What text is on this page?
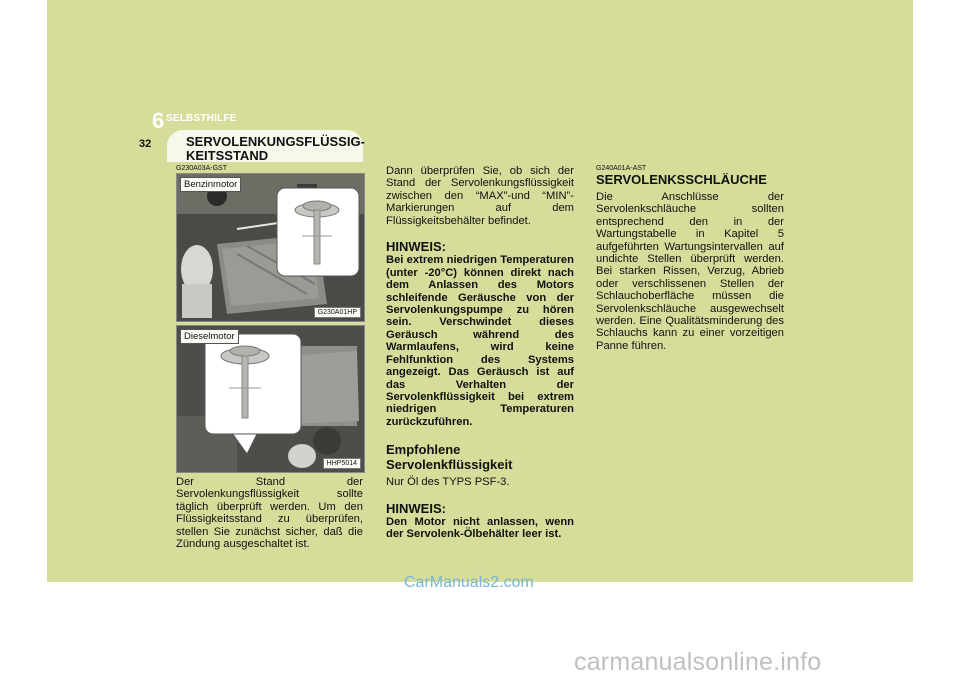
6 SELBSTHILFE
32	SERVOLENKUNGSFLÜSSIG-KEITSSTAND
G230A03A-GST
Benzinmotor
G230A01HP
Dieselmotor
HHP5014

Der Stand der Servolenkungsflüssigkeit sollte täglich überprüft werden. Um den Flüssigkeitsstand zu überprüfen, stellen Sie zunächst sicher, daß die Zündung ausgeschaltet ist.

Dann überprüfen Sie, ob sich der Stand der Servolenkungsflüssigkeit zwischen den “MAX”-und “MIN”-Markierungen auf dem Flüssigkeitsbehälter befindet.

HINWEIS:

Bei extrem niedrigen Temperaturen (unter -20°C) können direkt nach dem Anlassen des Motors schleifende Geräusche von der Servolenkungspumpe zu hören sein. Verschwindet dieses Geräusch während des Warmlaufens, wird keine Fehlfunktion des Systems angezeigt. Das Geräusch ist auf das Verhalten der Servolenkflüssigkeit bei extrem niedrigen Temperaturen zurückzuführen.

Empfohlene Servolenkflüssigkeit

Nur Öl des TYPS PSF-3.

HINWEIS:

Den Motor nicht anlassen, wenn der Servolenk-Ölbehälter leer ist.

G240A01A-AST
SERVOLENKSSCHLÄUCHE

Die Anschlüsse der Servolenkschläuche sollten entsprechend den in der Wartungstabelle in Kapitel 5 aufgeführten Wartungsintervallen auf undichte Stellen überprüft werden. Bei starken Rissen, Verzug, Abrieb oder verschlissenen Stellen der Schlauchoberfläche müssen die Servolenkschläuche ausgewechselt werden. Eine Qualitätsminderung des Schlauchs kann zu einer vorzeitigen Panne führen.

CarManuals2.com
carmanualsonline.info
